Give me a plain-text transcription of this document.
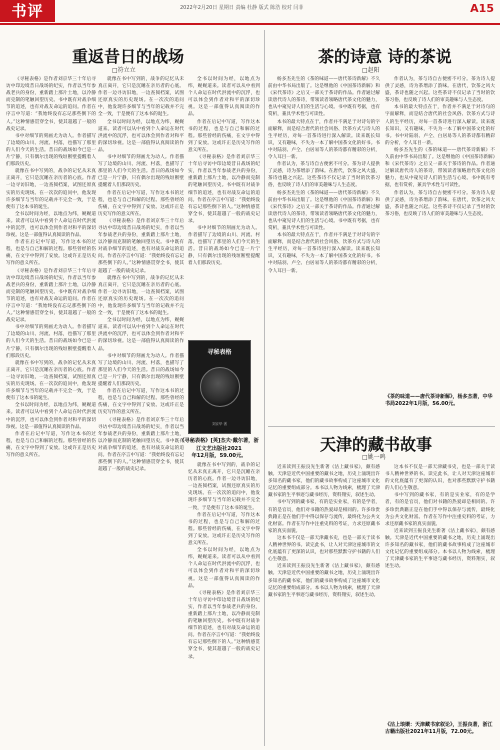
书评	2022年2月20日 星期日 责编 杜静 版式 陈浩 校对 闫菲	A15
重返昔日的战场
□符立立

《寻秘表格》是作者刘京华三十年后寻访中印边境昔日战场的纪实，作者以当年参战老兵的身份，重新踏上那片土地，以冷静而克制的笔触回望历史。书中既有对战争细节的追述，也有对战友命运的追问。作者在序言中写道：“我始终没有忘记那些倒下的人。”这种情感贯穿全书，使其超越了一般的战史记录。

书中对细节的刻画尤为动人。作者描写了边境的山川、河流、村落，也描写了那里的人们今天的生活。昔日的战场如今已是一片宁静，只有偶尔出现的残垣断壁提醒着人们那段历史。

就像在书中写到的，战争的记忆从未真正离开，它只是沉睡在亲历者的心底。作者一边寻访旧地，一边查阅档案，试图还原真实的历史现场。在一次次的追问中，他发现许多细节与当年的记载并不完全一致，于是便有了这本书的诞生。

全书以时间为经，以地点为纬，娓娓道来。读者可以从中看到个人命运在时代洪流中的沉浮，也可以体会到作者对和平的深切珍视。这是一部值得认真阅读的作品。

作者在后记中写道，写作这本书的过程，也是与自己和解的过程。那些曾经的伤痛，在文字中得到了安放。这或许正是历史写作的意义所在。

《寻秘表格》是作者刘京华三十年后寻访中印边境昔日战场的纪实，作者以当年参战老兵的身份，重新踏上那片土地，以冷静而克制的笔触回望历史。书中既有对战争细节的追述，也有对战友命运的追问。作者在序言中写道：“我始终没有忘记那些倒下的人。”这种情感贯穿全书，使其超越了一般的战史记录。

书中对细节的刻画尤为动人。作者描写了边境的山川、河流、村落，也描写了那里的人们今天的生活。昔日的战场如今已是一片宁静，只有偶尔出现的残垣断壁提醒着人们那段历史。

就像在书中写到的，战争的记忆从未真正离开，它只是沉睡在亲历者的心底。作者一边寻访旧地，一边查阅档案，试图还原真实的历史现场。在一次次的追问中，他发现许多细节与当年的记载并不完全一致，于是便有了这本书的诞生。

全书以时间为经，以地点为纬，娓娓道来。读者可以从中看到个人命运在时代洪流中的沉浮，也可以体会到作者对和平的深切珍视。这是一部值得认真阅读的作品。

作者在后记中写道，写作这本书的过程，也是与自己和解的过程。那些曾经的伤痛，在文字中得到了安放。这或许正是历史写作的意义所在。

就像在书中写到的，战争的记忆从未真正离开，它只是沉睡在亲历者的心底。作者一边寻访旧地，一边查阅档案，试图还原真实的历史现场。在一次次的追问中，他发现许多细节与当年的记载并不完全一致，于是便有了这本书的诞生。

全书以时间为经，以地点为纬，娓娓道来。读者可以从中看到个人命运在时代洪流中的沉浮，也可以体会到作者对和平的深切珍视。这是一部值得认真阅读的作品。

书中对细节的刻画尤为动人。作者描写了边境的山川、河流、村落，也描写了那里的人们今天的生活。昔日的战场如今已是一片宁静，只有偶尔出现的残垣断壁提醒着人们那段历史。

作者在后记中写道，写作这本书的过程，也是与自己和解的过程。那些曾经的伤痛，在文字中得到了安放。这或许正是历史写作的意义所在。

《寻秘表格》是作者刘京华三十年后寻访中印边境昔日战场的纪实，作者以当年参战老兵的身份，重新踏上那片土地，以冷静而克制的笔触回望历史。书中既有对战争细节的追述，也有对战友命运的追问。作者在序言中写道：“我始终没有忘记那些倒下的人。”这种情感贯穿全书，使其超越了一般的战史记录。

就像在书中写到的，战争的记忆从未真正离开，它只是沉睡在亲历者的心底。作者一边寻访旧地，一边查阅档案，试图还原真实的历史现场。在一次次的追问中，他发现许多细节与当年的记载并不完全一致，于是便有了这本书的诞生。

全书以时间为经，以地点为纬，娓娓道来。读者可以从中看到个人命运在时代洪流中的沉浮，也可以体会到作者对和平的深切珍视。这是一部值得认真阅读的作品。

书中对细节的刻画尤为动人。作者描写了边境的山川、河流、村落，也描写了那里的人们今天的生活。昔日的战场如今已是一片宁静，只有偶尔出现的残垣断壁提醒着人们那段历史。

作者在后记中写道，写作这本书的过程，也是与自己和解的过程。那些曾经的伤痛，在文字中得到了安放。这或许正是历史写作的意义所在。

《寻秘表格》是作者刘京华三十年后寻访中印边境昔日战场的纪实，作者以当年参战老兵的身份，重新踏上那片土地，以冷静而克制的笔触回望历史。书中既有对战争细节的追述，也有对战友命运的追问。作者在序言中写道：“我始终没有忘记那些倒下的人。”这种情感贯穿全书，使其超越了一般的战史记录。

全书以时间为经，以地点为纬，娓娓道来。读者可以从中看到个人命运在时代洪流中的沉浮，也可以体会到作者对和平的深切珍视。这是一部值得认真阅读的作品。

作者在后记中写道，写作这本书的过程，也是与自己和解的过程。那些曾经的伤痛，在文字中得到了安放。这或许正是历史写作的意义所在。

《寻秘表格》是作者刘京华三十年后寻访中印边境昔日战场的纪实，作者以当年参战老兵的身份，重新踏上那片土地，以冷静而克制的笔触回望历史。书中既有对战争细节的追述，也有对战友命运的追问。作者在序言中写道：“我始终没有忘记那些倒下的人。”这种情感贯穿全书，使其超越了一般的战史记录。

书中对细节的刻画尤为动人。作者描写了边境的山川、河流、村落，也描写了那里的人们今天的生活。昔日的战场如今已是一片宁静，只有偶尔出现的残垣断壁提醒着人们那段历史。

寻秘表格
刘京华 著
《寻秘表格》[英]杰夫·戴尔著，浙江文艺出版社2021
年12月版，59.00元。

就像在书中写到的，战争的记忆从未真正离开，它只是沉睡在亲历者的心底。作者一边寻访旧地，一边查阅档案，试图还原真实的历史现场。在一次次的追问中，他发现许多细节与当年的记载并不完全一致，于是便有了这本书的诞生。

作者在后记中写道，写作这本书的过程，也是与自己和解的过程。那些曾经的伤痛，在文字中得到了安放。这或许正是历史写作的意义所在。

全书以时间为经，以地点为纬，娓娓道来。读者可以从中看到个人命运在时代洪流中的沉浮，也可以体会到作者对和平的深切珍视。这是一部值得认真阅读的作品。

《寻秘表格》是作者刘京华三十年后寻访中印边境昔日战场的纪实，作者以当年参战老兵的身份，重新踏上那片土地，以冷静而克制的笔触回望历史。书中既有对战争细节的追述，也有对战友命运的追问。作者在序言中写道：“我始终没有忘记那些倒下的人。”这种情感贯穿全书，使其超越了一般的战史记录。

茶的诗意 诗的茶说
□赵阳

杨多杰先生的《茶的味道——唐代茶诗新解》不久前由中华书局出版了。这是继他的《中国茶诗新解》和《宋代茶诗》之后又一部关于茶诗的作品。作者通过解读唐代诗人的茶诗，带领读者领略唐代茶文化的魅力，也从中窥见诗人们的生活与心境。书中既有考据，也有赏析，兼具学术性与可读性。

本书的最大特点在于，作者并不满足于对诗句的字面解释，而是结合唐代的社会风俗、饮茶方式与诗人的生平经历，对每一首茶诗进行深入解读。读来既长知识，又有趣味，不失为一本了解中国茶文化的好书。书中对陆羽、卢仝、白居易等人的茶诗都有精彩的分析，令人耳目一新。

作者认为，茶与诗自古便密不可分。茶为诗人提供了灵感，诗为茶增添了韵味。在唐代，饮茶之风大盛，茶诗也随之兴起。这些茶诗不仅记录了当时的饮茶习俗，也反映了诗人们的审美趣味与人生态度。

杨多杰先生的《茶的味道——唐代茶诗新解》不久前由中华书局出版了。这是继他的《中国茶诗新解》和《宋代茶诗》之后又一部关于茶诗的作品。作者通过解读唐代诗人的茶诗，带领读者领略唐代茶文化的魅力，也从中窥见诗人们的生活与心境。书中既有考据，也有赏析，兼具学术性与可读性。

本书的最大特点在于，作者并不满足于对诗句的字面解释，而是结合唐代的社会风俗、饮茶方式与诗人的生平经历，对每一首茶诗进行深入解读。读来既长知识，又有趣味，不失为一本了解中国茶文化的好书。书中对陆羽、卢仝、白居易等人的茶诗都有精彩的分析，令人耳目一新。

作者认为，茶与诗自古便密不可分。茶为诗人提供了灵感，诗为茶增添了韵味。在唐代，饮茶之风大盛，茶诗也随之兴起。这些茶诗不仅记录了当时的饮茶习俗，也反映了诗人们的审美趣味与人生态度。

本书的最大特点在于，作者并不满足于对诗句的字面解释，而是结合唐代的社会风俗、饮茶方式与诗人的生平经历，对每一首茶诗进行深入解读。读来既长知识，又有趣味，不失为一本了解中国茶文化的好书。书中对陆羽、卢仝、白居易等人的茶诗都有精彩的分析，令人耳目一新。

杨多杰先生的《茶的味道——唐代茶诗新解》不久前由中华书局出版了。这是继他的《中国茶诗新解》和《宋代茶诗》之后又一部关于茶诗的作品。作者通过解读唐代诗人的茶诗，带领读者领略唐代茶文化的魅力，也从中窥见诗人们的生活与心境。书中既有考据，也有赏析，兼具学术性与可读性。

作者认为，茶与诗自古便密不可分。茶为诗人提供了灵感，诗为茶增添了韵味。在唐代，饮茶之风大盛，茶诗也随之兴起。这些茶诗不仅记录了当时的饮茶习俗，也反映了诗人们的审美趣味与人生态度。

《茶的味道——唐代茶诗新解》，杨多杰著，中华书局2022年1月版，56.00元。
天津的藏书故事
□姚一鸣

近来读到王振良先生新著《沽上藏书家》，颇有感触。天津是近代中国重要的藏书之地，历史上涌现出许多知名的藏书家，他们的藏书故事构成了这座城市文化记忆的重要组成部分。本书以人物为线索，梳理了天津藏书家的生平事迹与藏书经历，资料翔实，叙述生动。

书中写到的藏书家，有的是实业家，有的是学者，有的是官员，他们对书籍的热爱却是相同的。许多珍贵典籍正是在他们手中得以保存与流传，最终化为公共文化财富。作者在写作中注重史料的考证，力求还原藏书家的真实面貌。

这本书不仅是一部天津藏书史，也是一部关于读书人精神世界的书。读完此书，让人对天津这座城市的文化底蕴有了更深的认识，也对那些默默守护书籍的人们心生敬意。

近来读到王振良先生新著《沽上藏书家》，颇有感触。天津是近代中国重要的藏书之地，历史上涌现出许多知名的藏书家，他们的藏书故事构成了这座城市文化记忆的重要组成部分。本书以人物为线索，梳理了天津藏书家的生平事迹与藏书经历，资料翔实，叙述生动。

这本书不仅是一部天津藏书史，也是一部关于读书人精神世界的书。读完此书，让人对天津这座城市的文化底蕴有了更深的认识，也对那些默默守护书籍的人们心生敬意。

书中写到的藏书家，有的是实业家，有的是学者，有的是官员，他们对书籍的热爱却是相同的。许多珍贵典籍正是在他们手中得以保存与流传，最终化为公共文化财富。作者在写作中注重史料的考证，力求还原藏书家的真实面貌。

近来读到王振良先生新著《沽上藏书家》，颇有感触。天津是近代中国重要的藏书之地，历史上涌现出许多知名的藏书家，他们的藏书故事构成了这座城市文化记忆的重要组成部分。本书以人物为线索，梳理了天津藏书家的生平事迹与藏书经历，资料翔实，叙述生动。

《沽上琅嬛：天津藏书家叙论》，王振良著，浙江古籍出版社2021年11月版，72.00元。
